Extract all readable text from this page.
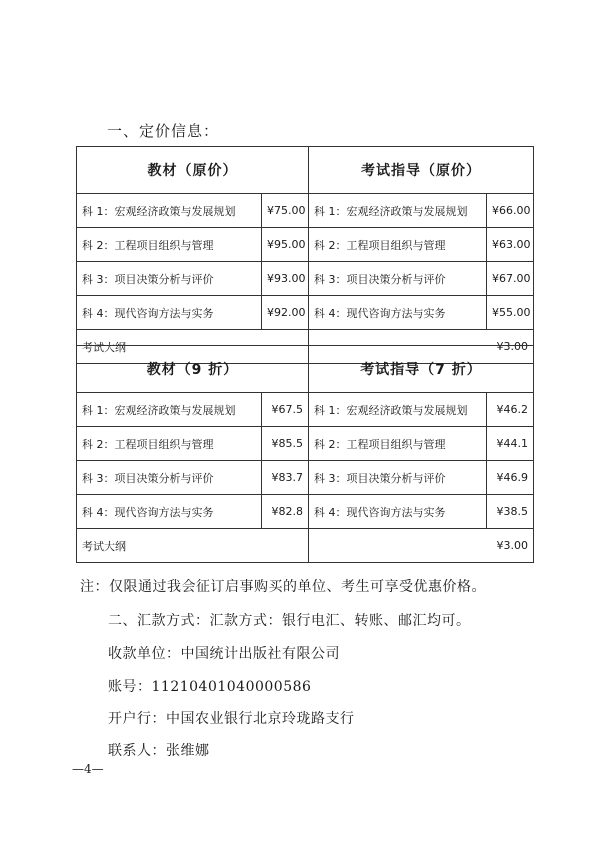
一、定价信息：
教材（原价）		考试指导（原价）	
科 1：宏观经济政策与发展规划	¥75.00	科 1：宏观经济政策与发展规划	¥66.00
科 2：工程项目组织与管理	¥95.00	科 2：工程项目组织与管理	¥63.00
科 3：项目决策分析与评价	¥93.00	科 3：项目决策分析与评价	¥67.00
科 4：现代咨询方法与实务	¥92.00	科 4：现代咨询方法与实务	¥55.00
考试大纲		¥3.00	
教材（9 折）		考试指导（7 折）	
科 1：宏观经济政策与发展规划	¥67.5	科 1：宏观经济政策与发展规划	¥46.2
科 2：工程项目组织与管理	¥85.5	科 2：工程项目组织与管理	¥44.1
科 3：项目决策分析与评价	¥83.7	科 3：项目决策分析与评价	¥46.9
科 4：现代咨询方法与实务	¥82.8	科 4：现代咨询方法与实务	¥38.5
考试大纲		¥3.00	
注：仅限通过我会征订启事购买的单位、考生可享受优惠价格。
二、汇款方式：汇款方式：银行电汇、转账、邮汇均可。
收款单位：中国统计出版社有限公司
账号：11210401040000586
开户行：中国农业银行北京玲珑路支行
联系人：张维娜
—4—
